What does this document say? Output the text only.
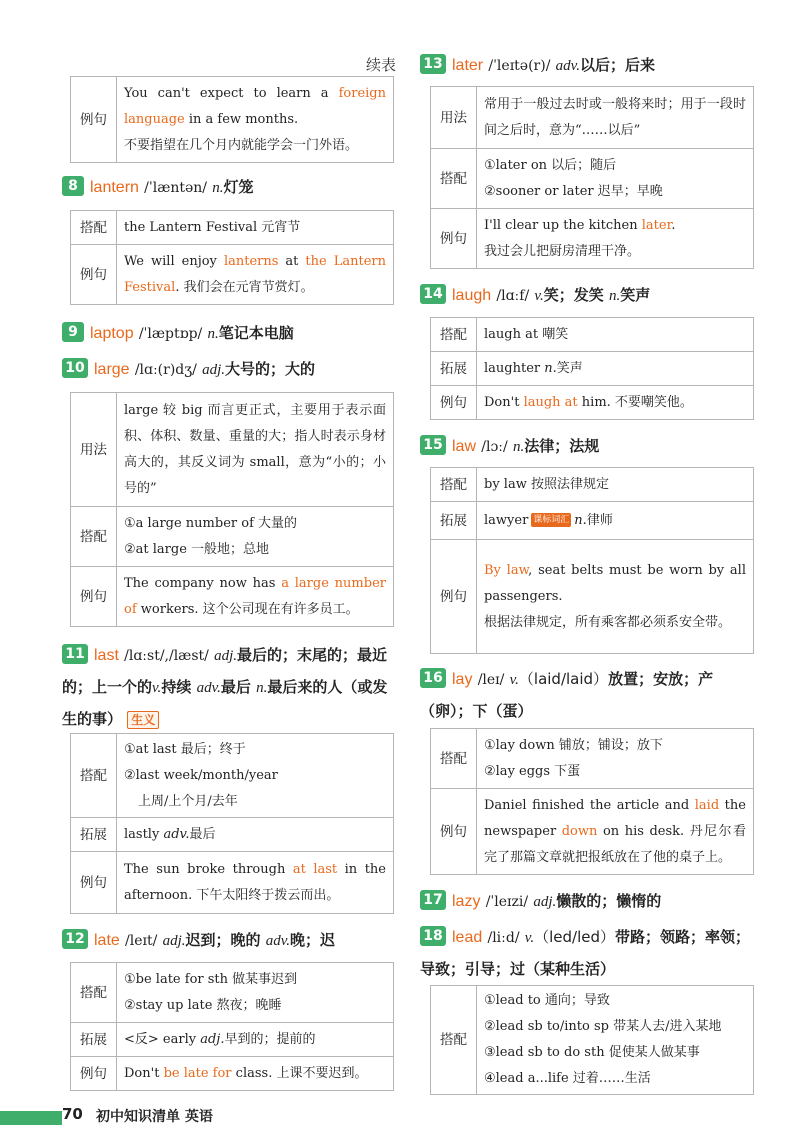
续表
例句	You can't expect to learn a foreign language in a few months.
不要指望在几个月内就能学会一门外语。
8 lantern /ˈlæntən/ n.灯笼
搭配	the Lantern Festival 元宵节
例句	We will enjoy lanterns at the Lantern Festival. 我们会在元宵节赏灯。
9 laptop /ˈlæptɒp/ n.笔记本电脑
10 large /lɑː(r)dʒ/ adj.大号的；大的
用法	large 较 big 而言更正式，主要用于表示面积、体积、数量、重量的大；指人时表示身材高大的，其反义词为 small，意为“小的；小号的”
搭配	①a large number of 大量的
②at large 一般地；总地

例句	The company now has a large number of workers. 这个公司现在有许多员工。
11 last /lɑːst/,/læst/ adj.最后的；末尾的；最近的；上一个的v.持续 adv.最后 n.最后来的人（或发生的事） 生义
搭配	①at last 最后；终于
②last week/month/year
上周/上个月/去年

拓展	lastly adv.最后
例句	The sun broke through at last in the afternoon. 下午太阳终于拨云而出。
12 late /leɪt/ adj.迟到；晚的 adv.晚；迟
搭配	①be late for sth 做某事迟到
②stay up late 熬夜；晚睡

拓展	<反> early adj.早到的；提前的
例句	Don't be late for class. 上课不要迟到。
13 later /ˈleɪtə(r)/ adv.以后；后来
用法	常用于一般过去时或一般将来时；用于一段时间之后时，意为“……以后”
搭配	①later on 以后；随后
②sooner or later 迟早；早晚

例句	I'll clear up the kitchen later.
我过会儿把厨房清理干净。
14 laugh /lɑːf/ v.笑；发笑 n.笑声
搭配	laugh at 嘲笑
拓展	laughter n.笑声
例句	Don't laugh at him. 不要嘲笑他。
15 law /lɔː/ n.法律；法规
搭配	by law 按照法律规定
拓展	lawyer 课标词汇 n.律师
例句	By law, seat belts must be worn by all passengers.
根据法律规定，所有乘客都必须系安全带。
16 lay /leɪ/ v.（laid/laid）放置；安放；产（卵）；下（蛋）
搭配	①lay down 铺放；铺设；放下
②lay eggs 下蛋

例句	Daniel finished the article and laid the newspaper down on his desk. 丹尼尔看完了那篇文章就把报纸放在了他的桌子上。
17 lazy /ˈleɪzi/ adj.懒散的；懒惰的
18 lead /liːd/ v.（led/led）带路；领路；率领；导致；引导；过（某种生活）
搭配	
①lead to 通向；导致
②lead sb to/into sp 带某人去/进入某地
③lead sb to do sth 促使某人做某事
④lead a...life 过着……生活
70 初中知识清单 英语
